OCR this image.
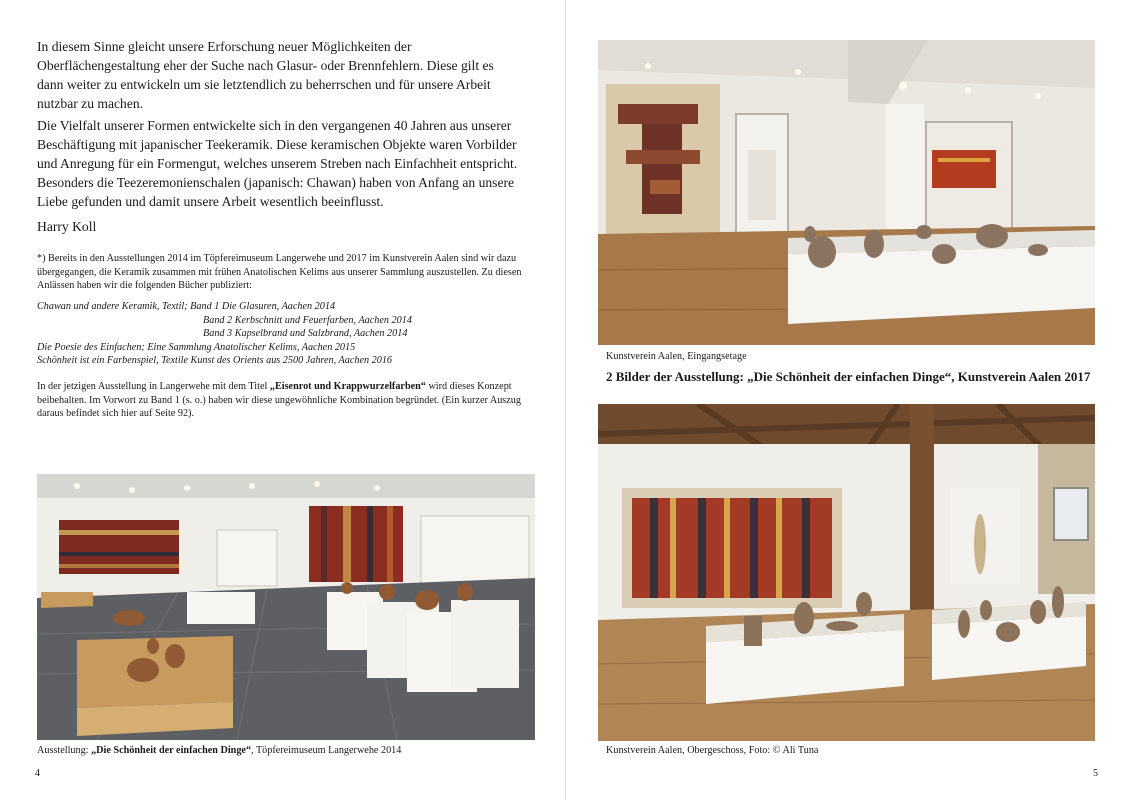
In diesem Sinne gleicht unsere Erforschung neuer Möglichkeiten der Oberflächengestaltung eher der Suche nach Glasur- oder Brennfehlern. Diese gilt es dann weiter zu entwickeln um sie letztendlich zu beherrschen und für unsere Arbeit nutzbar zu machen.

Die Vielfalt unserer Formen entwickelte sich in den vergangenen 40 Jahren aus unserer Beschäftigung mit japanischer Teekeramik. Diese keramischen Objekte waren Vorbilder und Anregung für ein Formengut, welches unserem Streben nach Einfachheit entspricht. Besonders die Teezeremonienschalen (japanisch: Chawan) haben von Anfang an unsere Liebe gefunden und damit unsere Arbeit wesentlich beeinflusst.

Harry Koll

*) Bereits in den Ausstellungen 2014 im Töpfereimuseum Langerwehe und 2017 im Kunstverein Aalen sind wir dazu übergegangen, die Keramik zusammen mit frühen Anatolischen Kelims aus unserer Sammlung auszustellen. Zu diesen Anlässen haben wir die folgenden Bücher publiziert:

Chawan und andere Keramik, Textil; Band 1 Die Glasuren, Aachen 2014
Band 2 Kerbschnitt und Feuerfarben, Aachen 2014
Band 3 Kapselbrand und Salzbrand, Aachen 2014
Die Poesie des Einfachen; Eine Sammlung Anatolischer Kelims, Aachen 2015
Schönheit ist ein Farbenspiel, Textile Kunst des Orients aus 2500 Jahren, Aachen 2016

In der jetzigen Ausstellung in Langerwehe mit dem Titel „Eisenrot und Krappwurzelfarben“ wird dieses Konzept beibehalten. Im Vorwort zu Band 1 (s. o.) haben wir diese ungewöhnliche Kombination begründet. (Ein kurzer Auszug daraus befindet sich hier auf Seite 92).

Ausstellung: „Die Schönheit der einfachen Dinge“, Töpfereimuseum Langerwehe 2014
4
Kunstverein Aalen, Eingangsetage
2 Bilder der Ausstellung: „Die Schönheit der einfachen Dinge“, Kunstverein Aalen 2017
Kunstverein Aalen, Obergeschoss, Foto: © Ali Tuna
5
